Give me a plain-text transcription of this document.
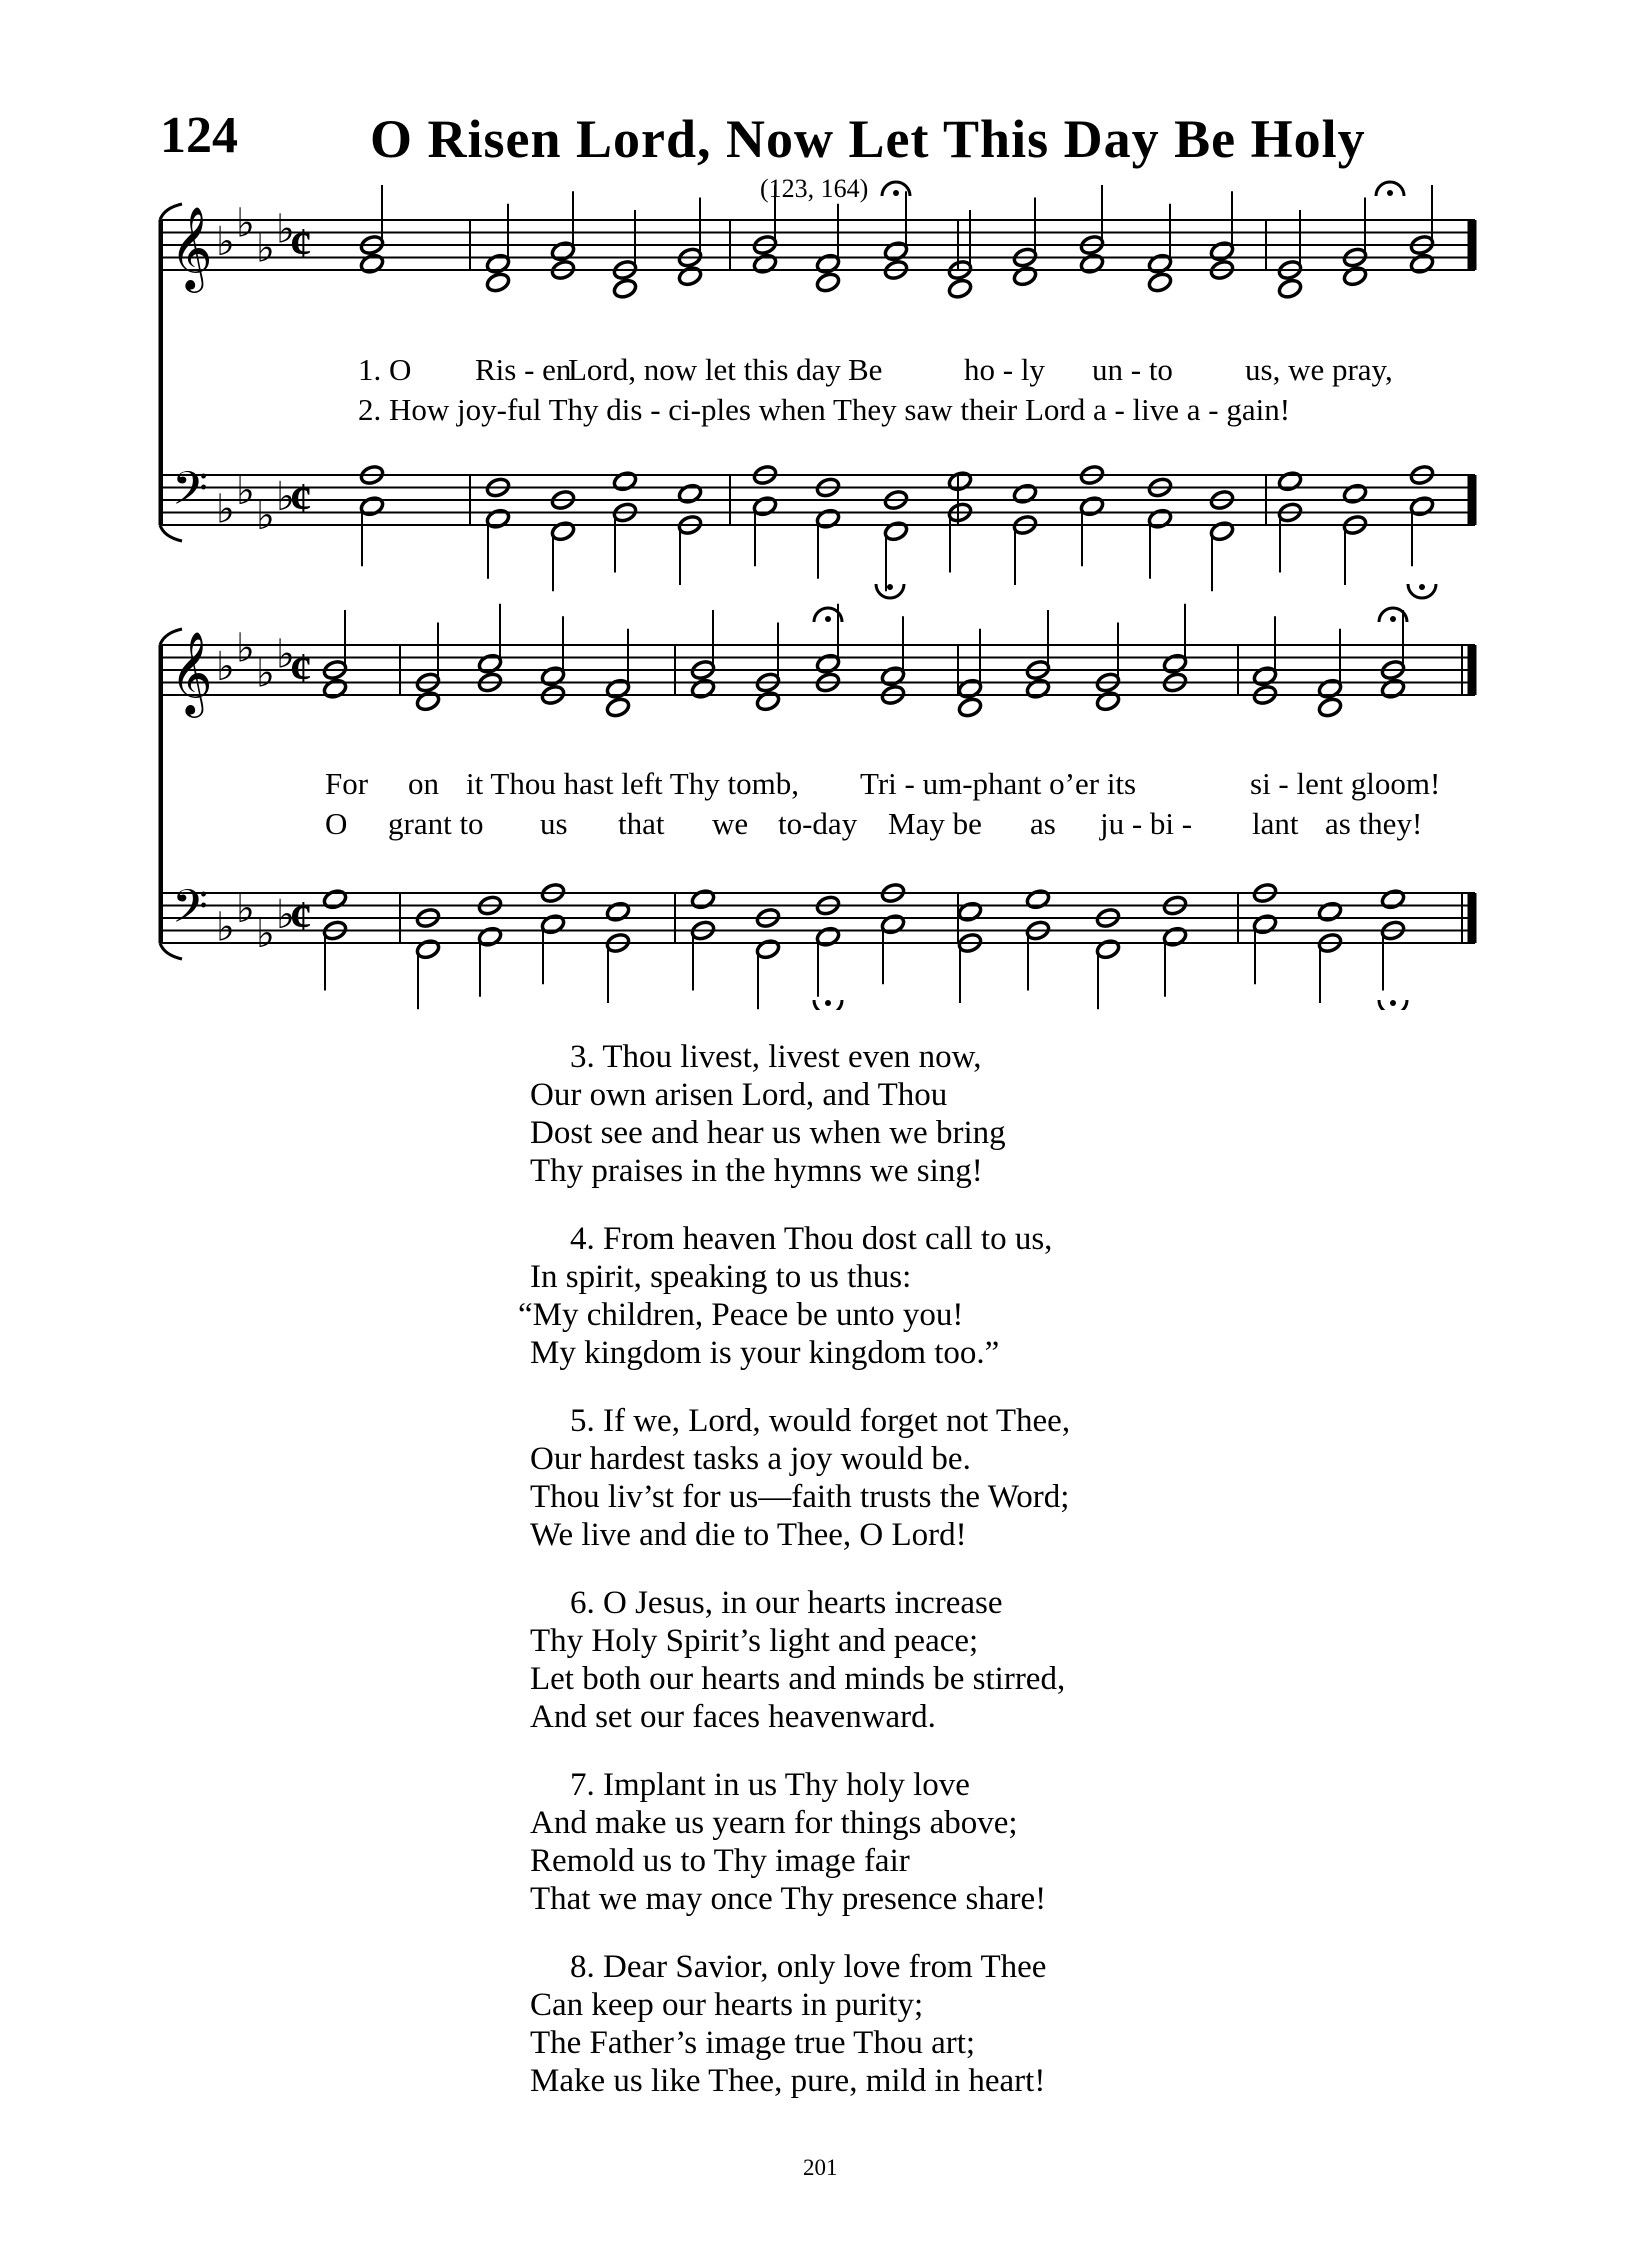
124 O Risen Lord, Now Let This Day Be Holy
(123, 164)
𝄞
𝄢
♭ ♭
♭ ♭
♭ ♭
♭ ♭
¢
¢
𝄞
𝄢
♭ ♭
♭ ♭
♭ ♭
♭ ♭
¢
¢
1. O Ris - en
Lord, now let this day Be	ho - ly un - to us, we pray,
2. How joy-ful Thy dis - ci-ples when They saw their Lord a - live a - gain!
For on it Thou hast left Thy tomb, Tri - um-phant o’er its	si - lent gloom!
O grant to us that we to-day May be as ju - bi - lant as they!
3. Thou livest, livest even now,
Our own arisen Lord, and Thou
Dost see and hear us when we bring
Thy praises in the hymns we sing!
4. From heaven Thou dost call to us,
In spirit, speaking to us thus:
“My children, Peace be unto you!
My kingdom is your kingdom too.”
5. If we, Lord, would forget not Thee,
Our hardest tasks a joy would be.
Thou liv’st for us—faith trusts the Word;
We live and die to Thee, O Lord!
6. O Jesus, in our hearts increase
Thy Holy Spirit’s light and peace;
Let both our hearts and minds be stirred,
And set our faces heavenward.
7. Implant in us Thy holy love
And make us yearn for things above;
Remold us to Thy image fair
That we may once Thy presence share!
8. Dear Savior, only love from Thee
Can keep our hearts in purity;
The Father’s image true Thou art;
Make us like Thee, pure, mild in heart!
201
